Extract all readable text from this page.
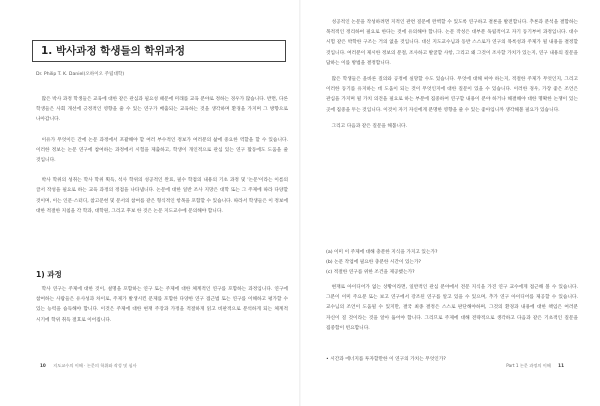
1. 박사과정 학생들의 학위과정
Dr. Philip T. K. Daniel(오하이오 주립대학)

많은 박사 과정 학생들은 교육에 대한 같은 관심과 필요성 때문에 미래를 교육 분야로 정하는 경우가 많습니다. 반면, 다른 학생들은 사회 개선에 긍정적인 영향을 줄 수 있는 연구가 배출되는 교육하는 것을 생각하며 환경을 가지며 그 방향으로 나아갑니다.

이유가 무엇이든 간에 논문 과정에서 포괄해야 할 여러 부수적인 정보가 여러분의 삶에 중요한 역할을 할 수 있습니다. 이러한 정보는 논문 연구에 참여하는 과정에서 시험을 제출하고, 학생이 개인적으로 관심 있는 연구 활동에도 도움을 줄 것입니다.

박사 학위의 성취는 학사 학위 획득, 석사 학위의 성공적인 완료, 필수 학점의 내용의 기초 과정 및 '논문'이라는 이름의 글서 작성을 필요로 하는 교육 과정의 정점을 나타냅니다. 논문에 대한 일반 조사 지망은 대학 또는 그 주제에 따라 다양할 것이며, 이는 인문·스터디, 참고문헌 및 문서의 참여를 같은 형식적인 항목을 포함할 수 있습니다. 따라서 학생들은 이 정보에 대한 적절한 지침을 각 학과, 대학원, 그리고 후보 한 것은 논문 지도교수에 문의해야 합니다.

1) 과정

학사 연구는 주제에 대한 것이, 설명을 포함하는 연구 또는 주제에 대한 체계적인 연구를 포함하는 과정입니다. 연구에 참여하는 사람들은 유사성과 차이로, 주제가 발생시킨 문제를 포함한 다양한 연구 접근법 또는 연구를 이해하고 평가할 수 있는 능력을 습득해야 합니다. 이것은 주제에 대한 현재 주장과 가정을 적절하게 읽고 비판적으로 분석하게 되는 체계적 시기에 학위 취득 절호로 이어집니다.

10 지도교수의 이해 · 논문의 학위와 작성 및 심사

성공적인 논문을 작성하려면 지적인 관련 질문에 완벽할 수 있도록 연구하고 결론을 발전합니다. 추론과 분석을 결합하는 목적적인 정리하여 필요로 한다는 것에 유의해야 합니다. 논문 작성은 대부분 독립적이고 자기 동기부여 과정입니다. 대수 시험 같은 박학한 구조는 거의 없을 것입니다. 대신 지도교수님과 동반 스스로가 연구의 목록성과 주제가 될 내용을 결정할 것입니다. 여러분이 제시한 정보의 분절, 조사하고 발굴할 사항, 그리고 왜 그것이 조사할 가치가 있는지, 연구 내용의 질문을 답하는 이를 방법을 결정합니다.

많은 학생들은 올바른 질의와 공정에 실망할 수도 있습니다. 무엇에 대해 써야 하는지, 적절한 주제가 무엇인지, 그리고 이러한 동기를 유지하는 데 도움이 되는 것이 무엇인지에 대한 질문이 있을 수 있습니다. 이러한 경우, 가장 좋은 조언은 관심을 가지며 될 가치 의견을 필요로 하는 부분에 집중하여 연구할 내용이 분야 하거나 해결해야 대한 명확한 논쟁이 있는 곳에 집중을 두는 것입니다. 이것이 자기 자신에게 분명한 영향을 줄 수 있는 좋아입니까 생각해볼 필요가 있습니다.

그리고 다음과 같은 질문을 해봅니다.

(a) 이미 이 주제에 대해 충분한 지식을 가지고 있는가?
(b) 논문 작업에 필요한 충분한 시간이 있는가?
(c) 적절한 연구를 위한 조건을 제공했는가?

현재로 아이디어가 없는 상황이라면, 일반적인 관심 분야에서 전문 지식을 가진 연구 교수에게 접근해 볼 수 있습니다. 그분이 이미 주요분 또는 보고 연구에서 강조된 연구를 알고 있을 수 있으며, 추가 연구 아이디어를 제공할 수 있습니다. 교수님의 조언이 도움될 수 있지만, 결국 최종 결정은 스스로 판단해야하며, 그것의 환경과 내용에 대한 책임은 여러분 자신이 질 것이라는 것을 알아 둡어야 합니다. 그리므로 주제에 대해 전략적으로 생각하고 다음과 같은 기초적인 질문을 집중합이 빈요합니다.

• 시간과 에너지를 투자할만한 이 연구의 가치는 무엇인가?
Part 1 논문 과정의 이해 11
